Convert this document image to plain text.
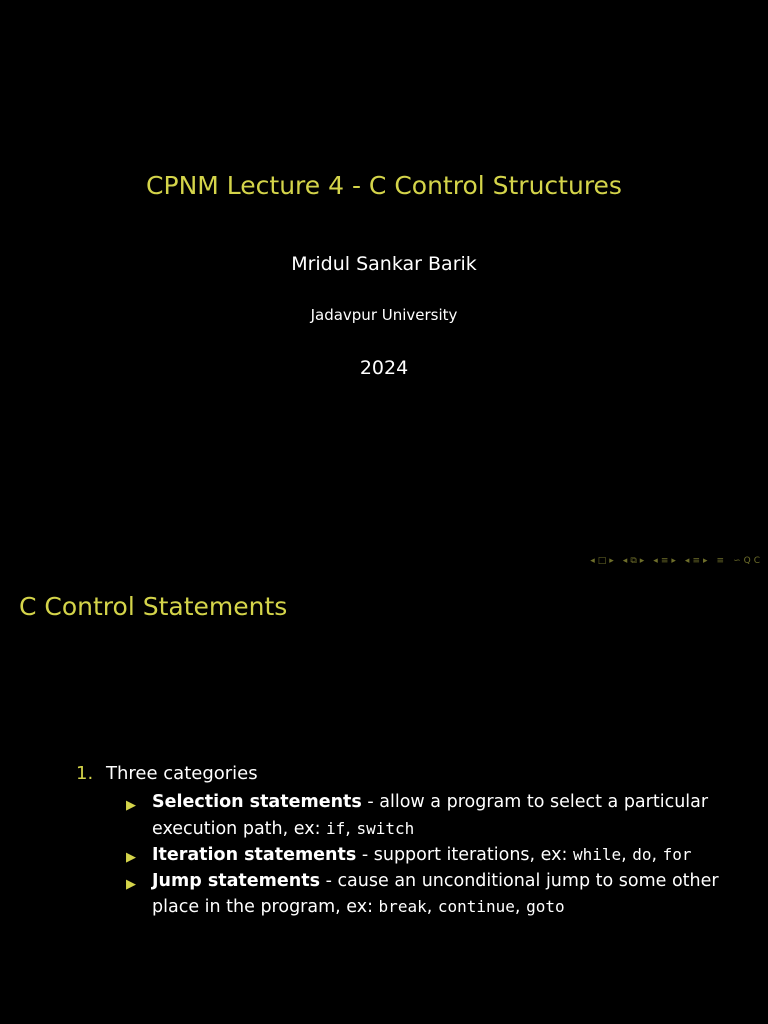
CPNM Lecture 4 - C Control Structures
Mridul Sankar Barik
Jadavpur University
2024
◂ □ ▸ ◂ ⧉ ▸ ◂ ≡ ▸ ◂ ≡ ▸ ≡ ∽ Q C
C Control Statements
1. Three categories
▶ Selection statements - allow a program to select a particular execution path, ex: if, switch
▶ Iteration statements - support iterations, ex: while, do, for
▶ Jump statements - cause an unconditional jump to some other place in the program, ex: break, continue, goto
